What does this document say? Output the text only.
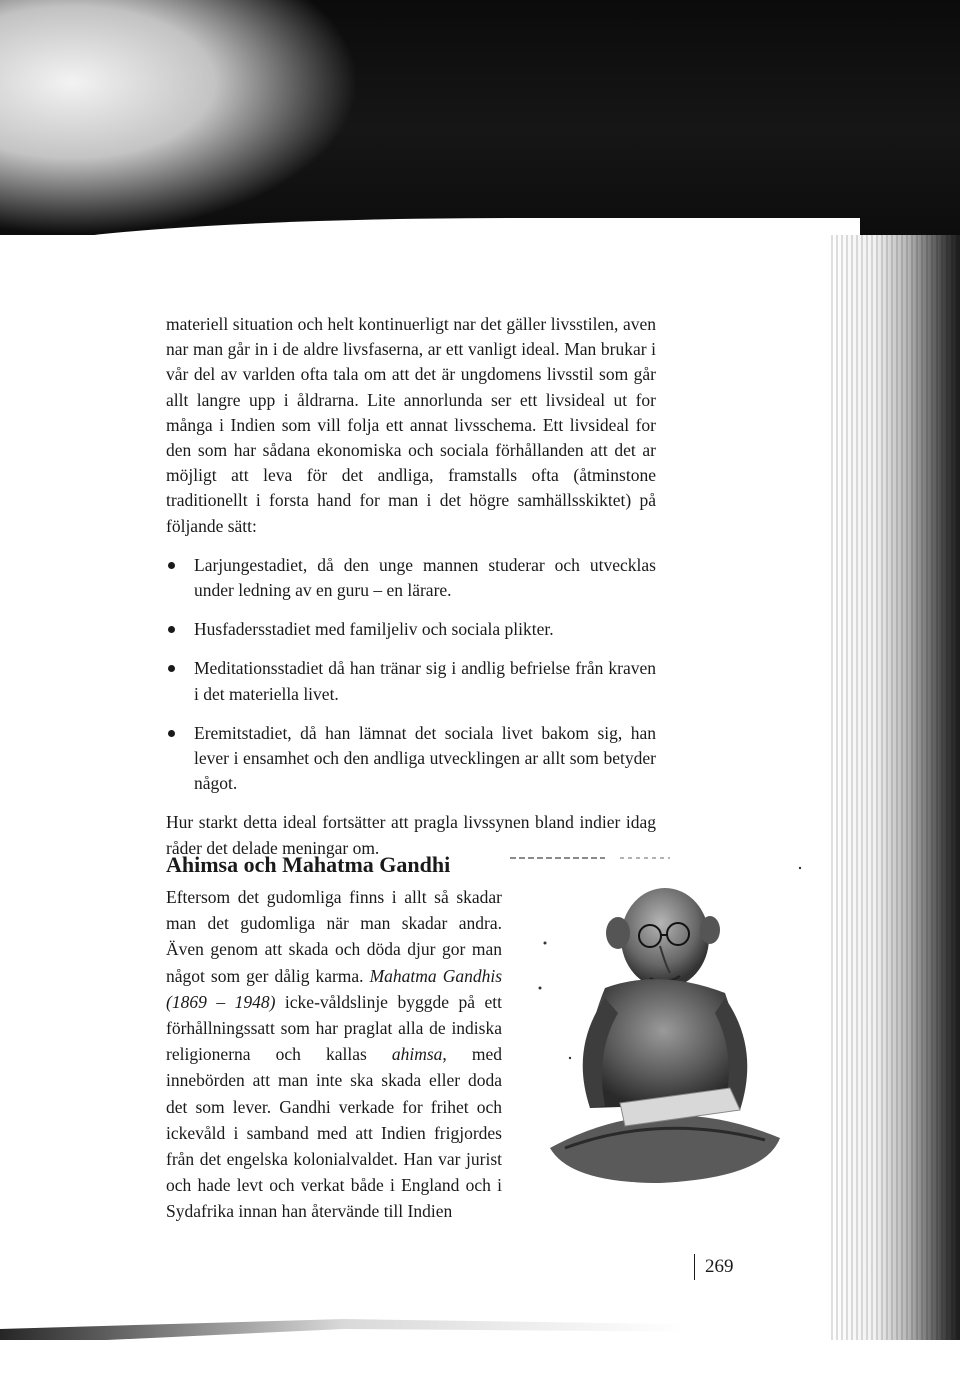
materiell situation och helt kontinuerligt nar det gäller livsstilen, aven nar man går in i de aldre livsfaserna, ar ett vanligt ideal. Man brukar i vår del av varlden ofta tala om att det är ungdomens livsstil som går allt langre upp i åldrarna. Lite annorlunda ser ett livsideal ut for många i Indien som vill folja ett annat livsschema. Ett livsideal for den som har sådana ekonomiska och sociala förhållanden att det ar möjligt att leva för det andliga, framstalls ofta (åtminstone traditionellt i forsta hand for man i det högre samhällsskiktet) på följande sätt:

Larjungestadiet, då den unge mannen studerar och utvecklas under ledning av en guru – en lärare.
Husfadersstadiet med familjeliv och sociala plikter.
Meditationsstadiet då han tränar sig i andlig befrielse från kraven i det materiella livet.
Eremitstadiet, då han lämnat det sociala livet bakom sig, han lever i ensamhet och den andliga utvecklingen ar allt som betyder något.

Hur starkt detta ideal fortsätter att pragla livssynen bland indier idag råder det delade meningar om.

Ahimsa och Mahatma Gandhi

Eftersom det gudomliga finns i allt så skadar man det gudomliga när man skadar andra. Även genom att skada och döda djur gor man något som ger dålig karma. Mahatma Gandhis (1869 – 1948) icke-våldslinje byggde på ett förhållningssatt som har praglat alla de indiska religionerna och kallas ahimsa, med innebörden att man inte ska skada eller doda det som lever. Gandhi verkade for frihet och ickevåld i samband med att Indien frigjordes från det engelska kolonialvaldet. Han var jurist och hade levt och verkat både i England och i Sydafrika innan han återvände till Indien

269
